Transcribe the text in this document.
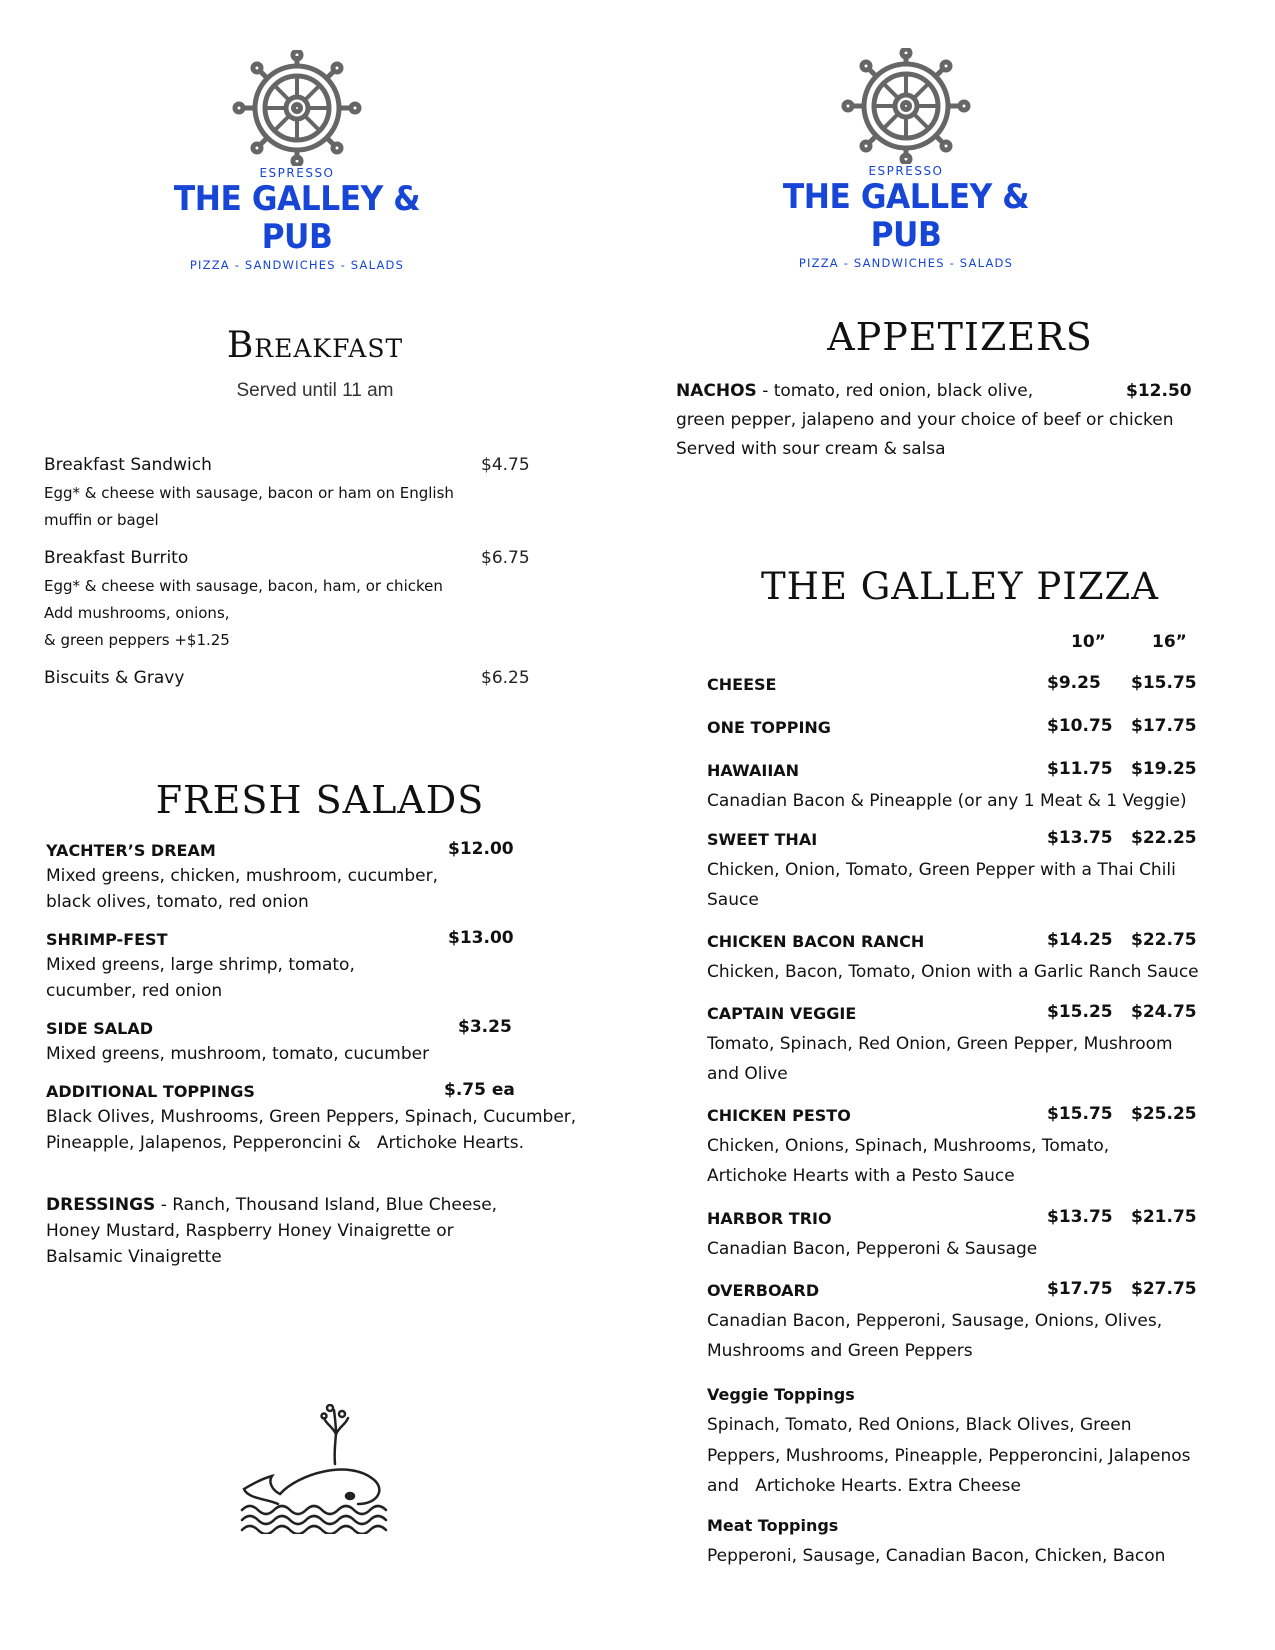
ESPRESSO
THE GALLEY & PUB
PIZZA - SANDWICHES - SALADS
ESPRESSO
THE GALLEY & PUB
PIZZA - SANDWICHES - SALADS
Breakfast
Served until 11 am
Breakfast Sandwich	$4.75
Egg* & cheese with sausage, bacon or ham on English
muffin or bagel
Breakfast Burrito	$6.75
Egg* & cheese with sausage, bacon, ham, or chicken
Add mushrooms, onions,
& green peppers +$1.25
Biscuits & Gravy	$6.25
FRESH SALADS
YACHTER’S DREAM	$12.00
Mixed greens, chicken, mushroom, cucumber,
black olives, tomato, red onion
SHRIMP-FEST	$13.00
Mixed greens, large shrimp, tomato,
cucumber, red onion
SIDE SALAD	$3.25
Mixed greens, mushroom, tomato, cucumber
ADDITIONAL TOPPINGS	$.75 ea
Black Olives, Mushrooms, Green Peppers, Spinach, Cucumber,
Pineapple, Jalapenos, Pepperoncini &   Artichoke Hearts.
DRESSINGS - Ranch, Thousand Island, Blue Cheese,
Honey Mustard, Raspberry Honey Vinaigrette or
Balsamic Vinaigrette
APPETIZERS
NACHOS - tomato, red onion, black olive,	$12.50
green pepper, jalapeno and your choice of beef or chicken
Served with sour cream & salsa
THE GALLEY PIZZA
10”	16”
CHEESE	$9.25 $15.75
ONE TOPPING	$10.75 $17.75
HAWAIIAN	$11.75 $19.25
Canadian Bacon & Pineapple (or any 1 Meat & 1 Veggie)
SWEET THAI	$13.75 $22.25
Chicken, Onion, Tomato, Green Pepper with a Thai Chili
Sauce
CHICKEN BACON RANCH	$14.25 $22.75
Chicken, Bacon, Tomato, Onion with a Garlic Ranch Sauce
CAPTAIN VEGGIE	$15.25 $24.75
Tomato, Spinach, Red Onion, Green Pepper, Mushroom
and Olive
CHICKEN PESTO	$15.75 $25.25
Chicken, Onions, Spinach, Mushrooms, Tomato,
Artichoke Hearts with a Pesto Sauce
HARBOR TRIO	$13.75 $21.75
Canadian Bacon, Pepperoni & Sausage
OVERBOARD	$17.75 $27.75
Canadian Bacon, Pepperoni, Sausage, Onions, Olives,
Mushrooms and Green Peppers
Veggie Toppings
Spinach, Tomato, Red Onions, Black Olives, Green
Peppers, Mushrooms, Pineapple, Pepperoncini, Jalapenos
and   Artichoke Hearts. Extra Cheese
Meat Toppings
Pepperoni, Sausage, Canadian Bacon, Chicken, Bacon
